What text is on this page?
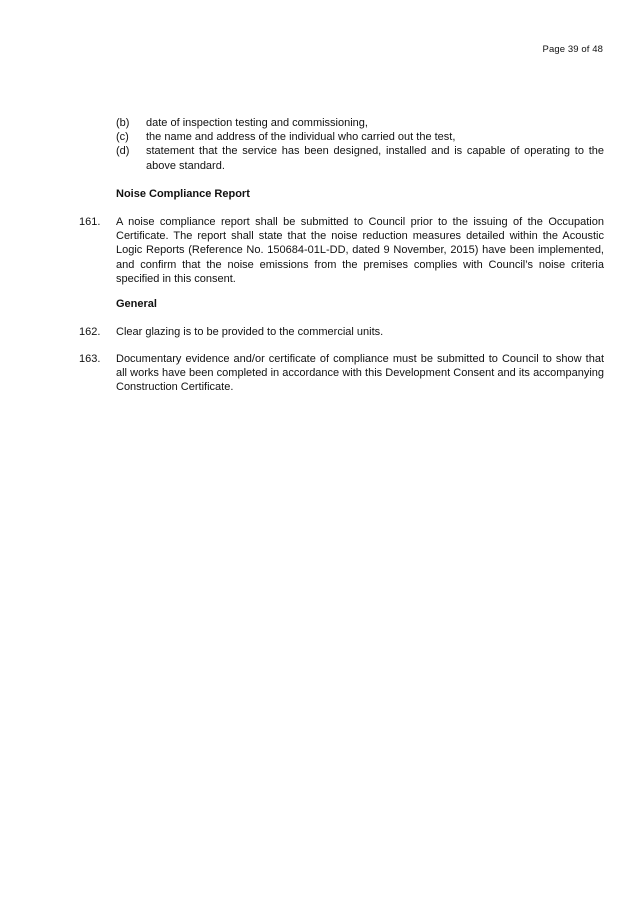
Page 39 of 48
(b)	date of inspection testing and commissioning,
(c)	the name and address of the individual who carried out the test,
(d)	statement that the service has been designed, installed and is capable of operating to the above standard.
Noise Compliance Report
161.	A noise compliance report shall be submitted to Council prior to the issuing of the Occupation Certificate. The report shall state that the noise reduction measures detailed within the Acoustic Logic Reports (Reference No. 150684-01L-DD, dated 9 November, 2015) have been implemented, and confirm that the noise emissions from the premises complies with Council’s noise criteria specified in this consent.
General
162.	Clear glazing is to be provided to the commercial units.
163.	Documentary evidence and/or certificate of compliance must be submitted to Council to show that all works have been completed in accordance with this Development Consent and its accompanying Construction Certificate.
